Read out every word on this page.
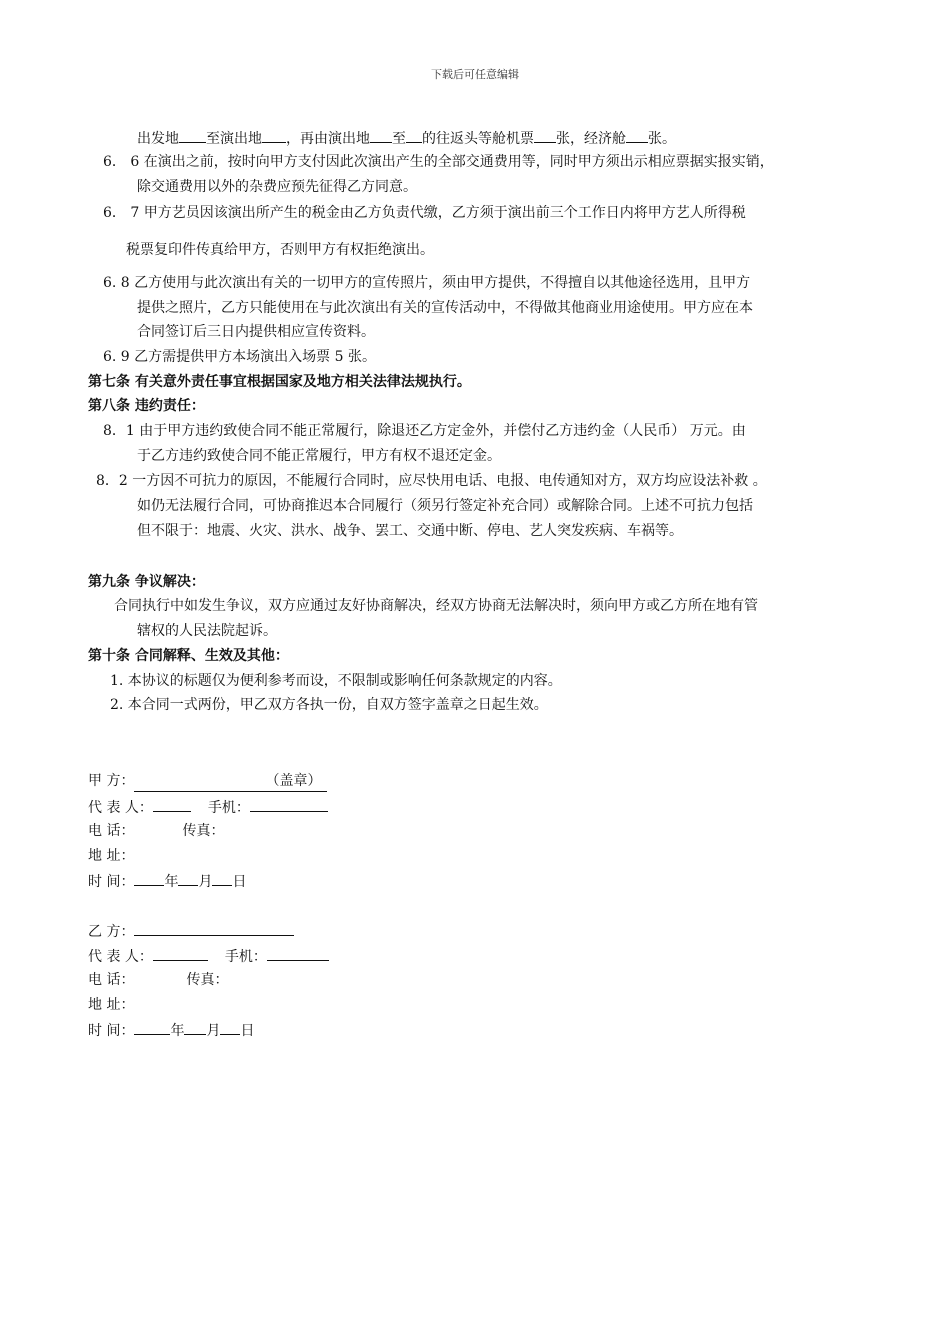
下载后可任意编辑
出发地 至演出地 ，再由演出地 至 的往返头等舱机票 张，经济舱 张。
6． 6 在演出之前，按时向甲方支付因此次演出产生的全部交通费用等，同时甲方须出示相应票据实报实销，
除交通费用以外的杂费应预先征得乙方同意。
6． 7 甲方艺员因该演出所产生的税金由乙方负责代缴，乙方须于演出前三个工作日内将甲方艺人所得税
税票复印件传真给甲方，否则甲方有权拒绝演出。
6. 8 乙方使用与此次演出有关的一切甲方的宣传照片，须由甲方提供，不得擅自以其他途径选用，且甲方
提供之照片，乙方只能使用在与此次演出有关的宣传活动中，不得做其他商业用途使用。甲方应在本
合同签订后三日内提供相应宣传资料。
6. 9 乙方需提供甲方本场演出入场票 5 张。
第七条 有关意外责任事宜根据国家及地方相关法律法规执行。
第八条 违约责任：
8．1 由于甲方违约致使合同不能正常履行，除退还乙方定金外，并偿付乙方违约金（人民币） 万元。由
于乙方违约致使合同不能正常履行，甲方有权不退还定金。
8．2 一方因不可抗力的原因，不能履行合同时，应尽快用电话、电报、电传通知对方，双方均应设法补救 。
如仍无法履行合同，可协商推迟本合同履行（须另行签定补充合同）或解除合同。上述不可抗力包括
但不限于：地震、火灾、洪水、战争、罢工、交通中断、停电、艺人突发疾病、车祸等。
第九条 争议解决：
合同执行中如发生争议，双方应通过友好协商解决，经双方协商无法解决时，须向甲方或乙方所在地有管
辖权的人民法院起诉。
第十条 合同解释、生效及其他：
1. 本协议的标题仅为便利参考而设，不限制或影响任何条款规定的内容。
2. 本合同一式两份，甲乙双方各执一份，自双方签字盖章之日起生效。
甲 方：	（盖章）
代 表 人：	手机：
电 话：	传真：
地 址：
时 间： 年 月 日
乙 方：
代 表 人：	手机：
电 话：	传真：
地 址：
时 间：	年 月 日
